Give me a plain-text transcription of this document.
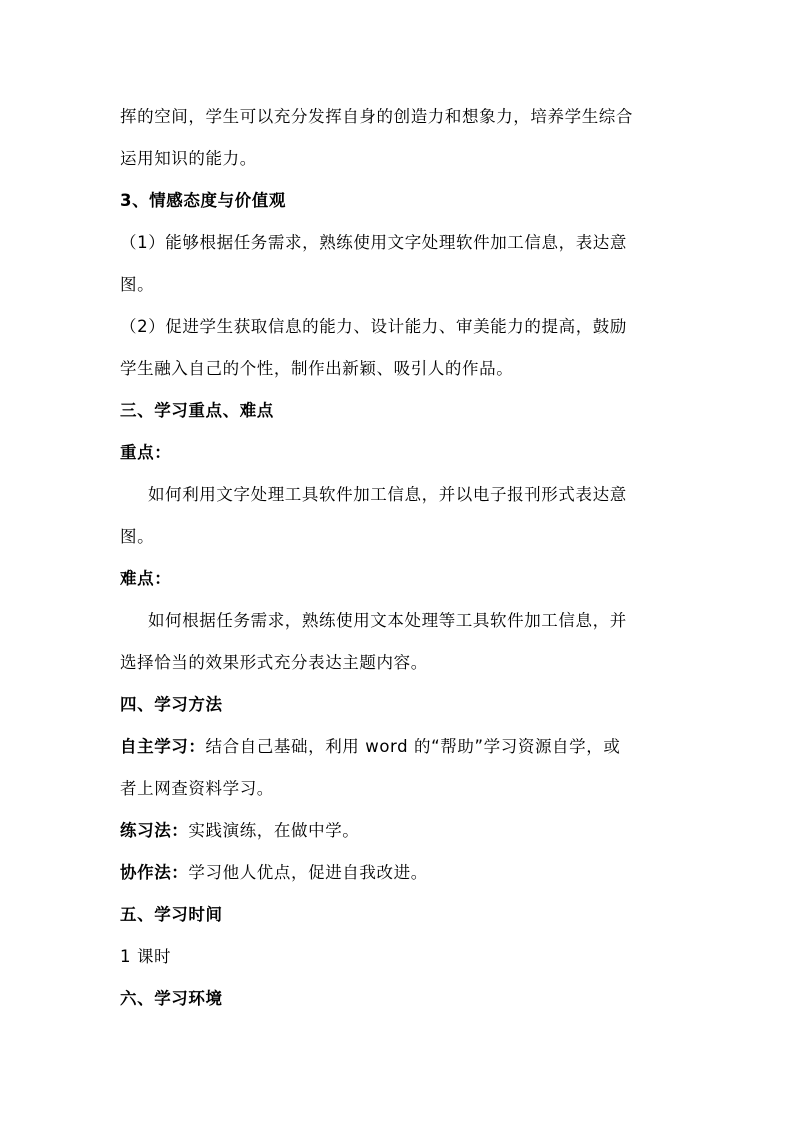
挥的空间，学生可以充分发挥自身的创造力和想象力，培养学生综合
运用知识的能力。
3、情感态度与价值观
（1）能够根据任务需求，熟练使用文字处理软件加工信息，表达意
图。
（2）促进学生获取信息的能力、设计能力、审美能力的提高，鼓励
学生融入自己的个性，制作出新颖、吸引人的作品。
三、学习重点、难点
重点：
如何利用文字处理工具软件加工信息，并以电子报刊形式表达意
图。
难点：
如何根据任务需求，熟练使用文本处理等工具软件加工信息，并
选择恰当的效果形式充分表达主题内容。
四、学习方法
自主学习：结合自己基础，利用 word 的“帮助”学习资源自学，或
者上网查资料学习。
练习法：实践演练，在做中学。
协作法：学习他人优点，促进自我改进。
五、学习时间
1 课时
六、学习环境
